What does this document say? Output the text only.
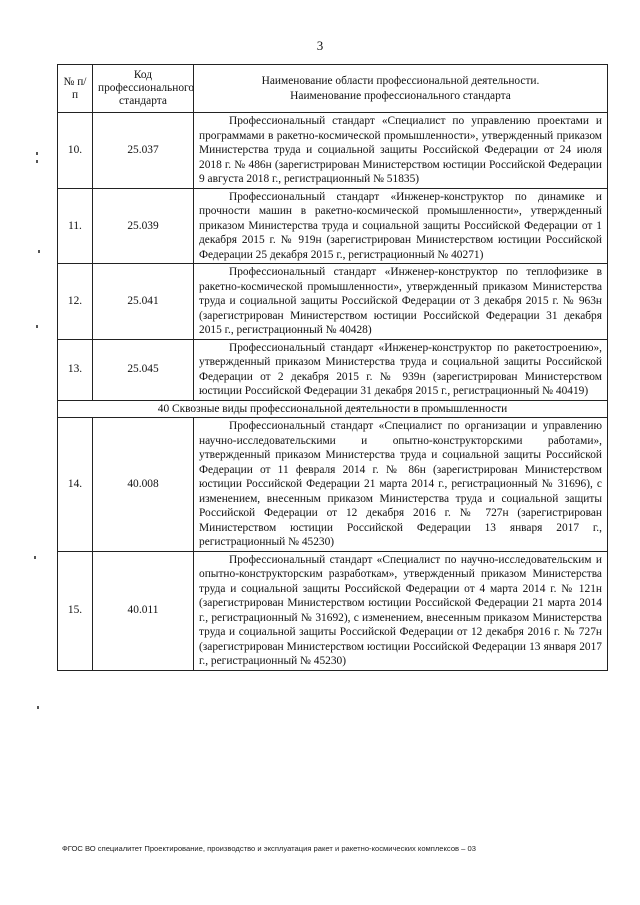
3
№ п/п	Код профессионального стандарта	Наименование области профессиональной деятельности.
Наименование профессионального стандарта

10.	25.037	Профессиональный стандарт «Специалист по управлению проектами и программами в ракетно-космической промышленности», утвержденный приказом Министерства труда и социальной защиты Российской Федерации от 24 июля 2018 г. № 486н (зарегистрирован Министерством юстиции Российской Федерации 9 августа 2018 г., регистрационный № 51835)
11.	25.039	Профессиональный стандарт «Инженер-конструктор по динамике и прочности машин в ракетно-космической промышленности», утвержденный приказом Министерства труда и социальной защиты Российской Федерации от 1 декабря 2015 г. № 919н (зарегистрирован Министерством юстиции Российской Федерации 25 декабря 2015 г., регистрационный № 40271)
12.	25.041	Профессиональный стандарт «Инженер-конструктор по теплофизике в ракетно-космической промышленности», утвержденный приказом Министерства труда и социальной защиты Российской Федерации от 3 декабря 2015 г. № 963н (зарегистрирован Министерством юстиции Российской Федерации 31 декабря 2015 г., регистрационный № 40428)
13.	25.045	Профессиональный стандарт «Инженер-конструктор по ракетостроению», утвержденный приказом Министерства труда и социальной защиты Российской Федерации от 2 декабря 2015 г. № 939н (зарегистрирован Министерством юстиции Российской Федерации 31 декабря 2015 г., регистрационный № 40419)
40 Сквозные виды профессиональной деятельности в промышленности		
14.	40.008	Профессиональный стандарт «Специалист по организации и управлению научно-исследовательскими и опытно-конструкторскими работами», утвержденный приказом Министерства труда и социальной защиты Российской Федерации от 11 февраля 2014 г. № 86н (зарегистрирован Министерством юстиции Российской Федерации 21 марта 2014 г., регистрационный № 31696), с изменением, внесенным приказом Министерства труда и социальной защиты Российской Федерации от 12 декабря 2016 г. № 727н (зарегистрирован Министерством юстиции Российской Федерации 13 января 2017 г., регистрационный № 45230)
15.	40.011	Профессиональный стандарт «Специалист по научно-исследовательским и опытно-конструкторским разработкам», утвержденный приказом Министерства труда и социальной защиты Российской Федерации от 4 марта 2014 г. № 121н (зарегистрирован Министерством юстиции Российской Федерации 21 марта 2014 г., регистрационный № 31692), с изменением, внесенным приказом Министерства труда и социальной защиты Российской Федерации от 12 декабря 2016 г. № 727н (зарегистрирован Министерством юстиции Российской Федерации 13 января 2017 г., регистрационный № 45230)
ФГОС ВО специалитет Проектирование, производство и эксплуатация ракет и ракетно-космических комплексов – 03
